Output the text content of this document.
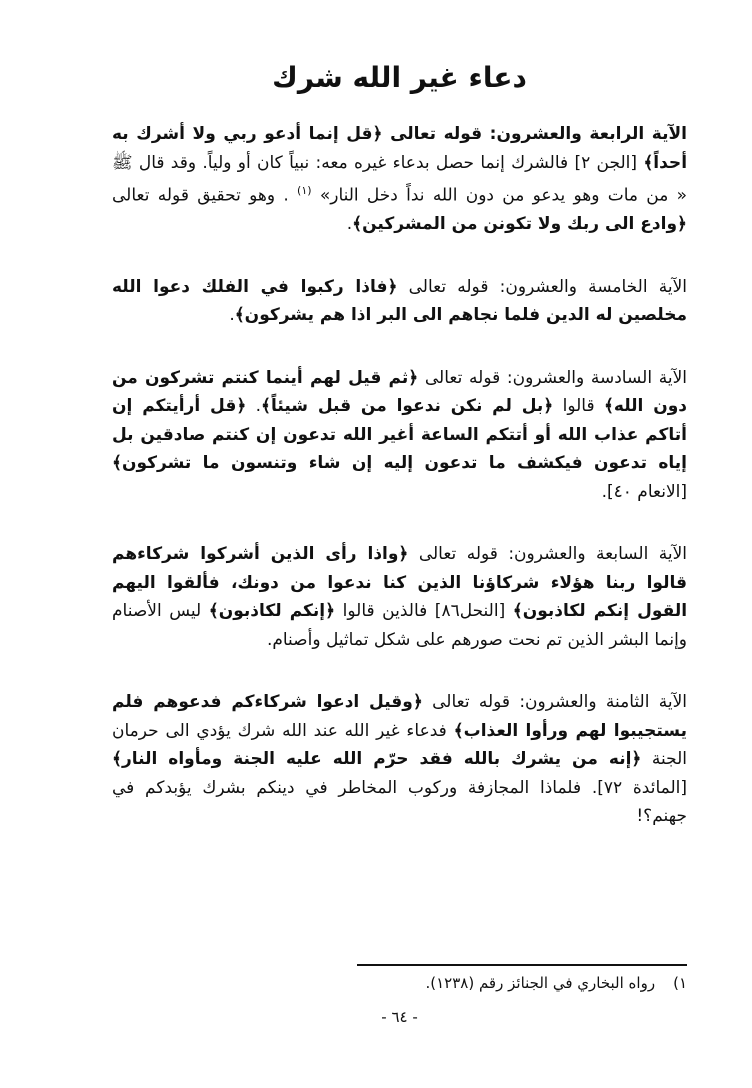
دعاء غير الله شرك

الآية الرابعة والعشرون: قوله تعالى ﴿قل إنما أدعو ربي ولا أشرك به أحداً﴾ [الجن ٢] فالشرك إنما حصل بدعاء غيره معه: نبياً كان أو ولياً. وقد قال ﷺ « من مات وهو يدعو من دون الله نداً دخل النار» $^{(١)}$ . وهو تحقيق قوله تعالى ﴿وادع الى ربك ولا تكونن من المشركين﴾.

الآية الخامسة والعشرون: قوله تعالى ﴿فاذا ركبوا في الفلك دعوا الله مخلصين له الدين فلما نجاهم الى البر اذا هم يشركون﴾.

الآية السادسة والعشرون: قوله تعالى ﴿ثم قيل لهم أينما كنتم تشركون من دون الله﴾ قالوا ﴿بل لم نكن ندعوا من قبل شيئاً﴾. ﴿قل أرأيتكم إن أتاكم عذاب الله أو أتتكم الساعة أغير الله تدعون إن كنتم صادقين بل إياه تدعون فيكشف ما تدعون إليه إن شاء وتنسون ما تشركون﴾ [الانعام ٤٠].

الآية السابعة والعشرون: قوله تعالى ﴿واذا رأى الذين أشركوا شركاءهم قالوا ربنا هؤلاء شركاؤنا الذين كنا ندعوا من دونك، فألقوا اليهم القول إنكم لكاذبون﴾ [النحل٨٦] فالذين قالوا ﴿إنكم لكاذبون﴾ ليس الأصنام وإنما البشر الذين تم نحت صورهم على شكل تماثيل وأصنام.

الآية الثامنة والعشرون: قوله تعالى ﴿وقيل ادعوا شركاءكم فدعوهم فلم يستجيبوا لهم ورأوا العذاب﴾ فدعاء غير الله عند الله شرك يؤدي الى حرمان الجنة ﴿إنه من يشرك بالله فقد حرّم الله عليه الجنة ومأواه النار﴾ [المائدة ٧٢]. فلماذا المجازفة وركوب المخاطر في دينكم بشرك يؤبدكم في جهنم؟!

١)رواه البخاري في الجنائز رقم (١٢٣٨).
- ٦٤ -
